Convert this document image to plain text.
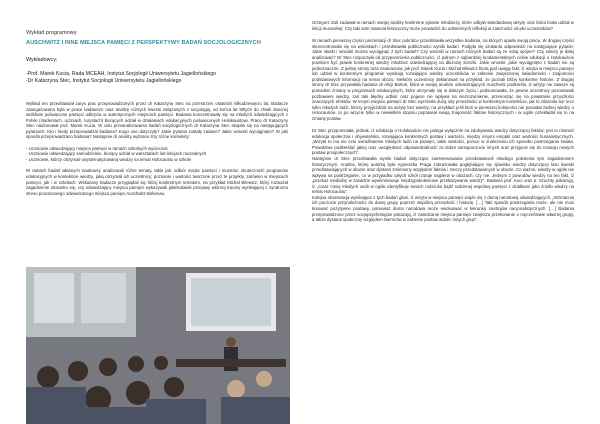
Wykład programowy
AUSCHWITZ I INNE MIEJSCA PAMIĘCI Z PERSPEKTYWY BADAŃ SOCJOLOGICZNYCH
Wykładowcy:
-Prof. Marek Kucia, Rada MCEAH, Instytut Socjologii Uniwersytetu Jagiellońskiego
-Dr Katarzyna Stec, Instytut Socjologii Uniwersytetu Jagiellońskiego
Wykład ten przedstawiał zarys prac przeprowadzonych przez dr Katarzynę Stec na przestrzeni ostatnich kilkudziesięciu lat. Badacze zaangażowana była w prace badawcze oraz analizę różnych kwestii związanych z socjologią, od końca lat 90tych do chwili obecnej wnikliwie poświęcone pamięci odkrycia w autentycznych miejscach pamięci. Badania koncentrowały się na młodych odwiedzających z Polski (studentach, uczniach, turystach) biorących udział w działaniach edukacyjnych poświęconych Holokaustowi. Pracę dr Katarzyny Stec nadzorował prof. Marek Kucia. W celu przeanalizowania badań socjologicznych dr Katarzyna Stec skupiła się na następujących pytaniach: Kto i kiedy przeprowadzał badania? Kogo one dotyczyły? Jakie pytania zostały zadane? Jakie wnioski wyciągnięto? W jaki sposób przeprowadzano badania? Następnie dr analizy wybrano trzy różne konteksty:
- Uczniowie odwiedzający miejsce pamięci w ramach szkolnych wycieczek
- Uczniowie odwiedzający samodzielnie, biorący udział w warsztatach lub lekcjach muzealnych
- Uczniowie, którzy otrzymali usystematyzowaną wiedzę na temat Holocaustu w szkole
W ramach badań własnych naukowcy analizowali różne tematy, takie jak: odbiór miejsc pamięci i muzeów; skuteczność programów edukacyjnych w kontekście wiedzy, jaką otrzymali ich uczestnicy; poznanie i wartości tworzone przez te projekty, zarówno w miejscach pamięci, jak i w szkołach. Wskazany badacze przyglądali się bliżej konkretnym tematom, na przykład Michał Bilewicz, który rozważał zagadnienie stosunku się, czy odwiedzający miejsca pamięci wykazywali jakiekolwiek przejawy wtórnej traumy wynikającej z syndromu stresu pourazowego odwiedzanego miejsca pamięci Auschwitz-Birkenau.
Grzegorz Zuk zadawał w ramach swojej analizy konkretne pytanie młodzieży, które odbyła standardową wizytę oraz która brała udział w lekcji muzealnej: Czy taki sam materiał historyczny może prowadzić do odmiennych refleksji w zależności od płci uczestników?
W ramach pierwszej części prezentacji dr Stec pokrótce przedstawiła wszystkie badania, na których oparła swoją pracę. W drugiej części skoncentrowała się na wnioskach i przedstawiła publiczności wyniki badań. Podjęła się szukania odpowiedzi na następujące pytanie: Jakie skutki i wnioski można wyciągnąć z tych badań? Czy wnioski w ramach różnych badań są ze sobą spójne? Czy należy je dalej analizować? Dr Stec rozpoczęła od przypomnienia publiczności, iż jednym z najbardziej fundamentalnych celów edukacji o Holokauście powinien być prawie konkretnej wiedzy młodzież odwiedzającej na dłuższej ścieżki. Jakie wnioski, jakie wyciągnięto z badań nie są jednoznaczne. Z jednej strony teza naukowców, jak prof. Marek Kucia i Michał Bilewicz biorą pod uwagę fakt, iż wizyta w miejscu pamięci lub udział w konkretnym programie wynikają rozwijające wiedzę uczestników w zakresie zwiększonej świadomości i znajomości podstawowych informacji na temat obozu. Niektóry uczestnicy deklarowali na przykład, że poznali bliżej konkretne historie. Z drugiej strony dr Stec przywołała badania dr Alicji Bartuś, która w swojej analizie odwiedzających Auschwitz podkreśla, iż wizyty nie zawsze są powodem zmiany w programach edukacyjnych, które utrzymały się w dalszym życiu i podsumowała, że pewne uczestnicy pozostawali pozbawieni wiedzy, zaś taki błędny odbiór oraz pojęcie nie wpływa na niezrozumienie, przenosząc się na powstanie przyszłości znaczących efektów. W innym miejscu pamięci dr Stec wyróżniła dużą rolę przeszłości w konkretnym kontekście, jak to zdarzało się: lecz tylko młodych ludzi, którzy przyjeżdżali na wizytę bez wiedzy; na przykład: jeśli ktoś w pierwszej kolejności nie posiadał żadnej wiedzy o Holocauście, to po wizycie tylko w niewielkim stopniu poprawiał swoją znajomość faktów historycznych i w ogóle przekładał się to na zmianę postaw.
Dr Stec przypomniała, jednak, iż edukacja o Holokauście nie polega wyłącznie na zdobywaniu wiedzy dotyczącej faktów; jest to również edukacja społeczna i obywatelska, rozwijająca konkretnych postaw i wartości, między innymi empatii oraz wartości humanistycznych. „Wizyta to ma nie celu uwrażliwienie młodych ludzi na pamięci, takie wartości, pomoc w znalezieniu ich sposobu postrzegania świata. Prawdziwe podkreślać jakiej oraz uwzględniać odpowiedzialność za dobre samopoczucie innych oraz przyjęcie się do rozwoju nowych postaw prospołecznych”.
Następnie dr Stec przedstawiła wyniki badań dotyczące zainteresowania przedstawicieli młodego pokolenia tym zagadnieniem historycznym. Analiza, której autorką była Agnieszka Praga zobrazowała pogłębiające się zjawisko wiedzy dotyczącej losu kwestii przedstawiających w obozie oraz dystans zmieniony względem faktów i rzeczy przedstawionych w obozie. Co ważne, wiedzy w ogóle nie wpływa na postrzeganie, co w przypadku całych szkół rzutuje najpierw w obozach, czy nie. Jednym z powodów wiedzy na ten fakt, iż „przekaz medialny w zasadzie wyeliminowuje międzypokoleniowe przekazywanie wiedzy”. Badania prof. Kuci oraz p. Szuchty pokazują, iż „coraz mniej młodych osób w ogóle identyfikuje swoich rodziców bądź rodzinnej wspólnej pamięci z działkami jako źródło wiedzy na temat Holocaustu”.
Kolejna obserwacja wynikająca z tych badań głosi, iż wizyta w miejscu pamięci wiąże się z dumą narodową odwiedzających. „Wzmacnia ich poczucie przynależności do danej grupy poprzez wspólną przeszłość i historię. […] Taki sposób postrzegania może, ale nie musi kreować pozytywne postawy, ponieważ duma narodowa może ewoluować w kierunku nastrojów nacjonalistycznych. […] Badania przeprowadzone przez socjopsychologów pokazują, iż zwiedzanie miejsca pamięci zwiększa przekonanie o męczeństwie własnej grupy, a także dystans społeczny względem Niemców w zakresie postaw wobec innych grup”.
